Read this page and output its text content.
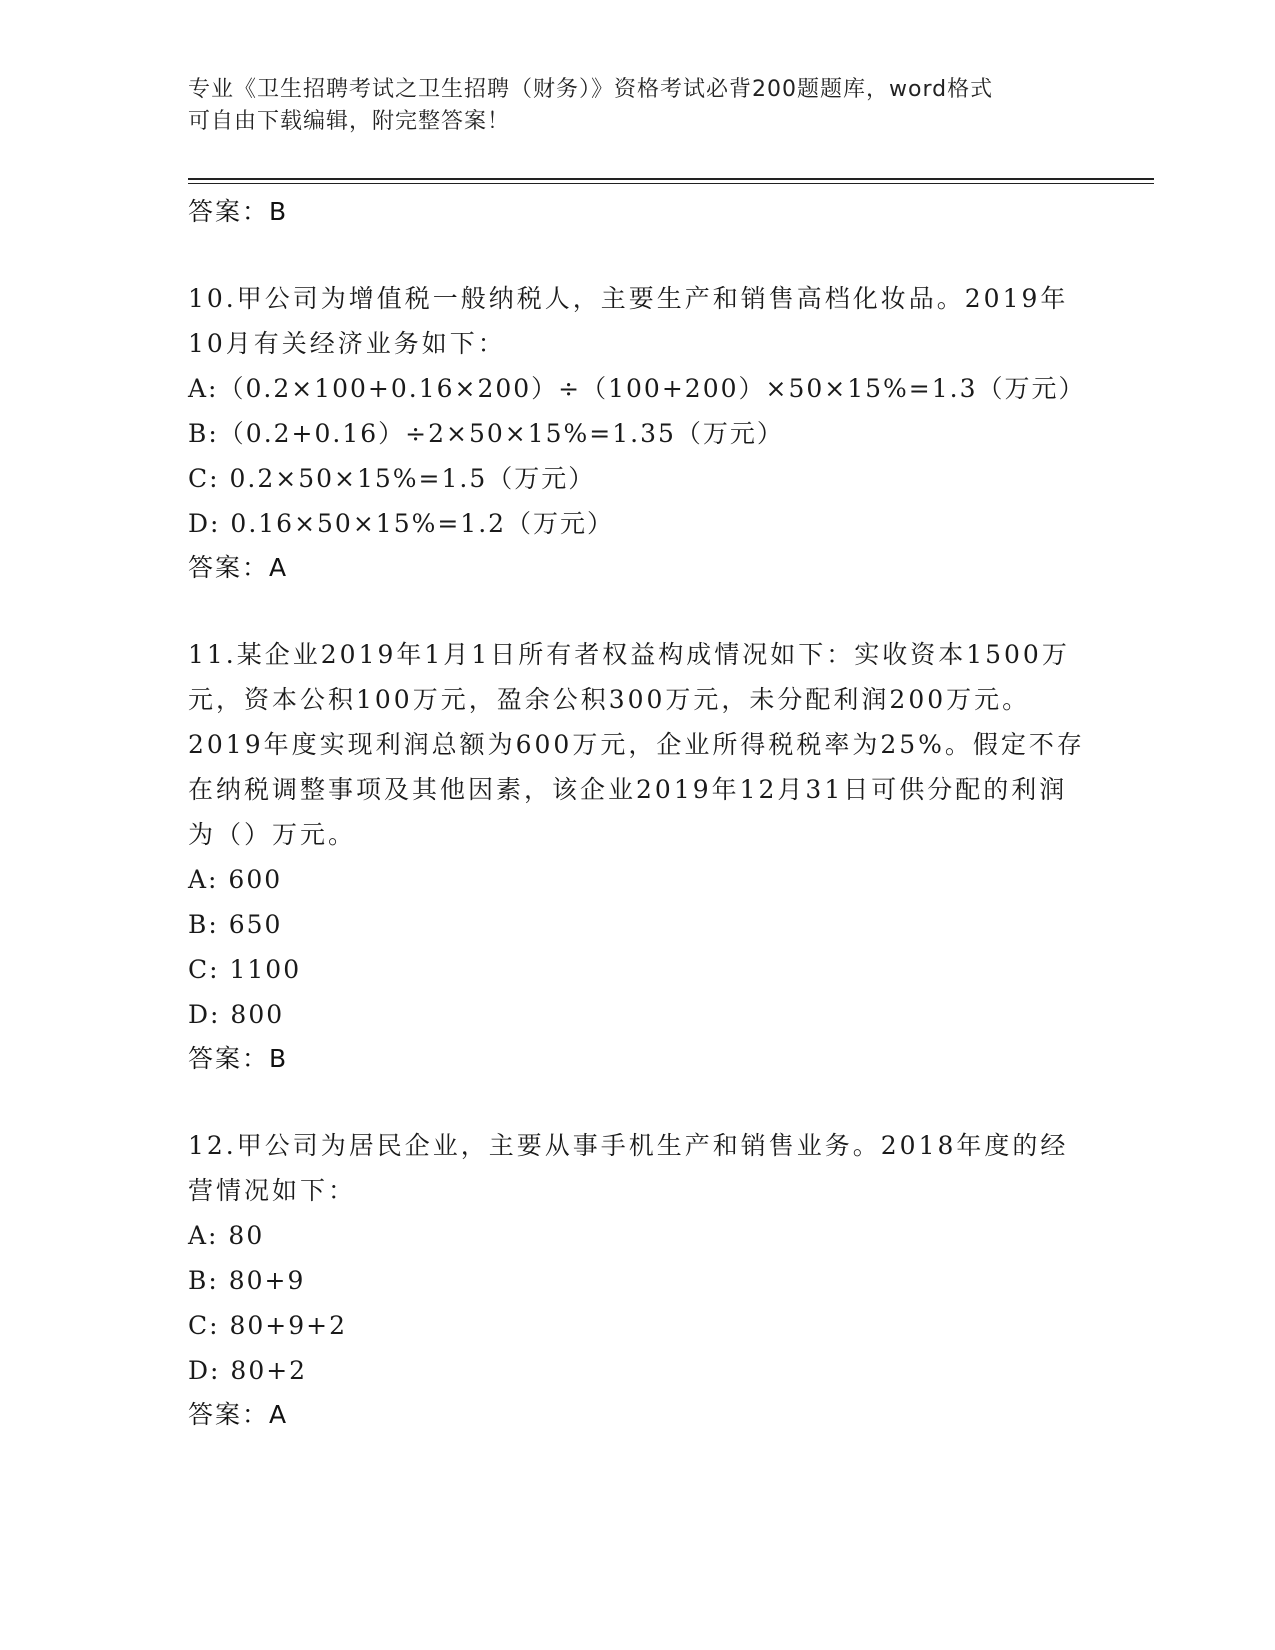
专业《卫生招聘考试之卫生招聘（财务）》资格考试必背200题题库，word格式
可自由下载编辑，附完整答案！

答案：B

10.甲公司为增值税一般纳税人，主要生产和销售高档化妆品。2019年10月有关经济业务如下：

A:（0.2×100+0.16×200）÷（100+200）×50×15%=1.3（万元）

B:（0.2+0.16）÷2×50×15%=1.35（万元）

C: 0.2×50×15%=1.5（万元）

D: 0.16×50×15%=1.2（万元）

答案：A

11.某企业2019年1月1日所有者权益构成情况如下：实收资本1500万元，资本公积100万元，盈余公积300万元，未分配利润200万元。2019年度实现利润总额为600万元，企业所得税税率为25%。假定不存在纳税调整事项及其他因素，该企业2019年12月31日可供分配的利润为（）万元。

A: 600

B: 650

C: 1100

D: 800

答案：B

12.甲公司为居民企业，主要从事手机生产和销售业务。2018年度的经营情况如下：

A: 80

B: 80+9

C: 80+9+2

D: 80+2

答案：A
